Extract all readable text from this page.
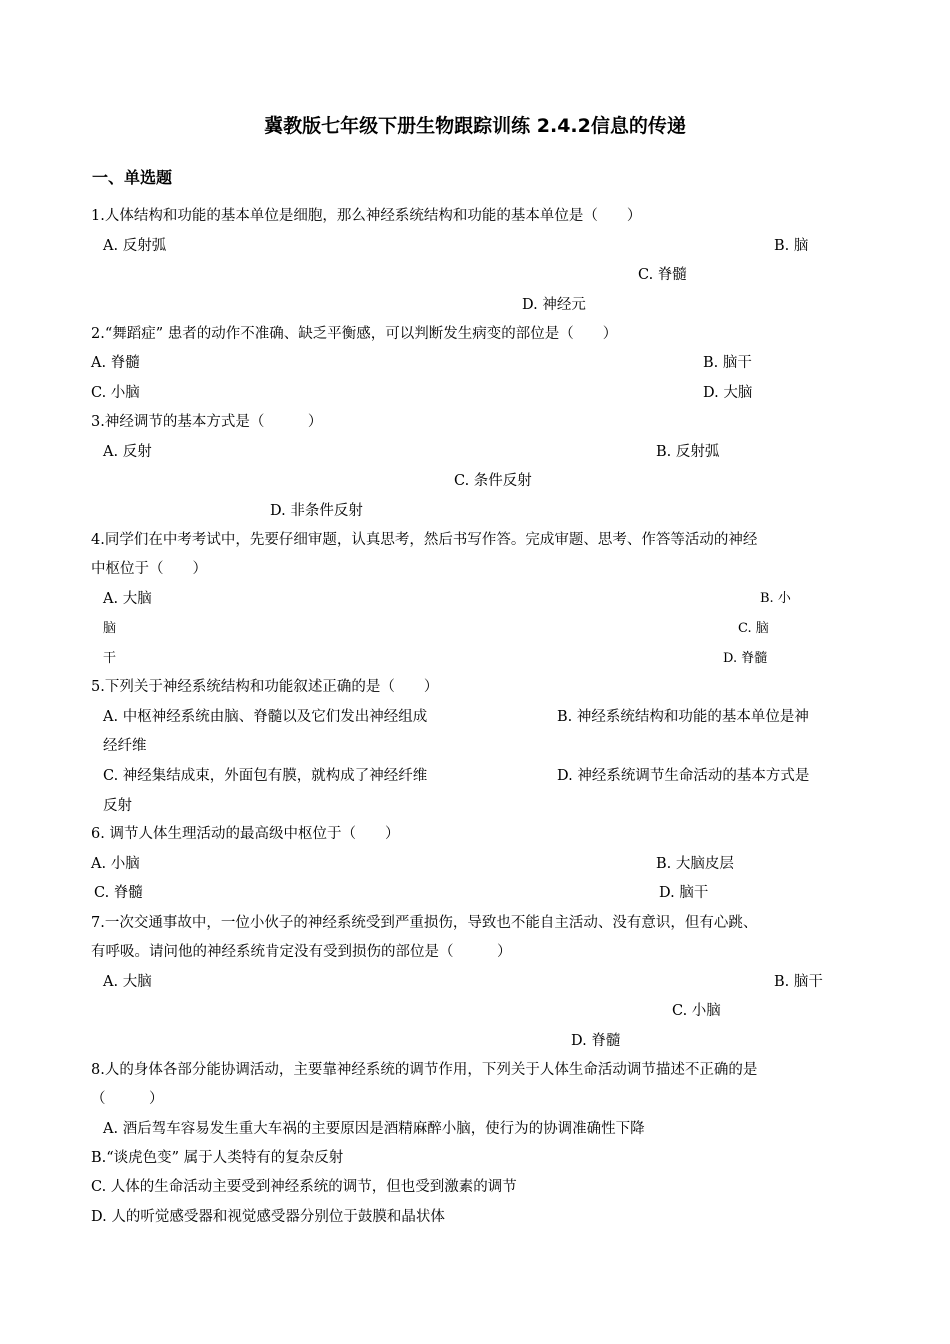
冀教版七年级下册生物跟踪训练 2.4.2信息的传递
一、单选题
1.人体结构和功能的基本单位是细胞，那么神经系统结构和功能的基本单位是（　　）
A. 反射弧	B. 脑
C. 脊髓
D. 神经元
2.“舞蹈症” 患者的动作不准确、缺乏平衡感，可以判断发生病变的部位是（　　）
A. 脊髓	B. 脑干
C. 小脑	D. 大脑
3.神经调节的基本方式是（　　　）
A. 反射	B. 反射弧
C. 条件反射
D. 非条件反射
4.同学们在中考考试中，先要仔细审题，认真思考，然后书写作答。完成审题、思考、作答等活动的神经
中枢位于（　　）
A. 大脑	B. 小
脑	C. 脑
干	D. 脊髓
5.下列关于神经系统结构和功能叙述正确的是（　　）
A. 中枢神经系统由脑、脊髓以及它们发出神经组成	B. 神经系统结构和功能的基本单位是神
经纤维
C. 神经集结成束，外面包有膜，就构成了神经纤维	D. 神经系统调节生命活动的基本方式是
反射
6. 调节人体生理活动的最高级中枢位于（　　）
A. 小脑	B. 大脑皮层
C. 脊髓	D. 脑干
7.一次交通事故中，一位小伙子的神经系统受到严重损伤，导致也不能自主活动、没有意识，但有心跳、
有呼吸。请问他的神经系统肯定没有受到损伤的部位是（　　　）
A. 大脑	B. 脑干
C. 小脑
D. 脊髓
8.人的身体各部分能协调活动，主要靠神经系统的调节作用，下列关于人体生命活动调节描述不正确的是
（　　　）
A. 酒后驾车容易发生重大车祸的主要原因是酒精麻醉小脑，使行为的协调准确性下降
B.“谈虎色变” 属于人类特有的复杂反射
C. 人体的生命活动主要受到神经系统的调节，但也受到激素的调节
D. 人的听觉感受器和视觉感受器分别位于鼓膜和晶状体
